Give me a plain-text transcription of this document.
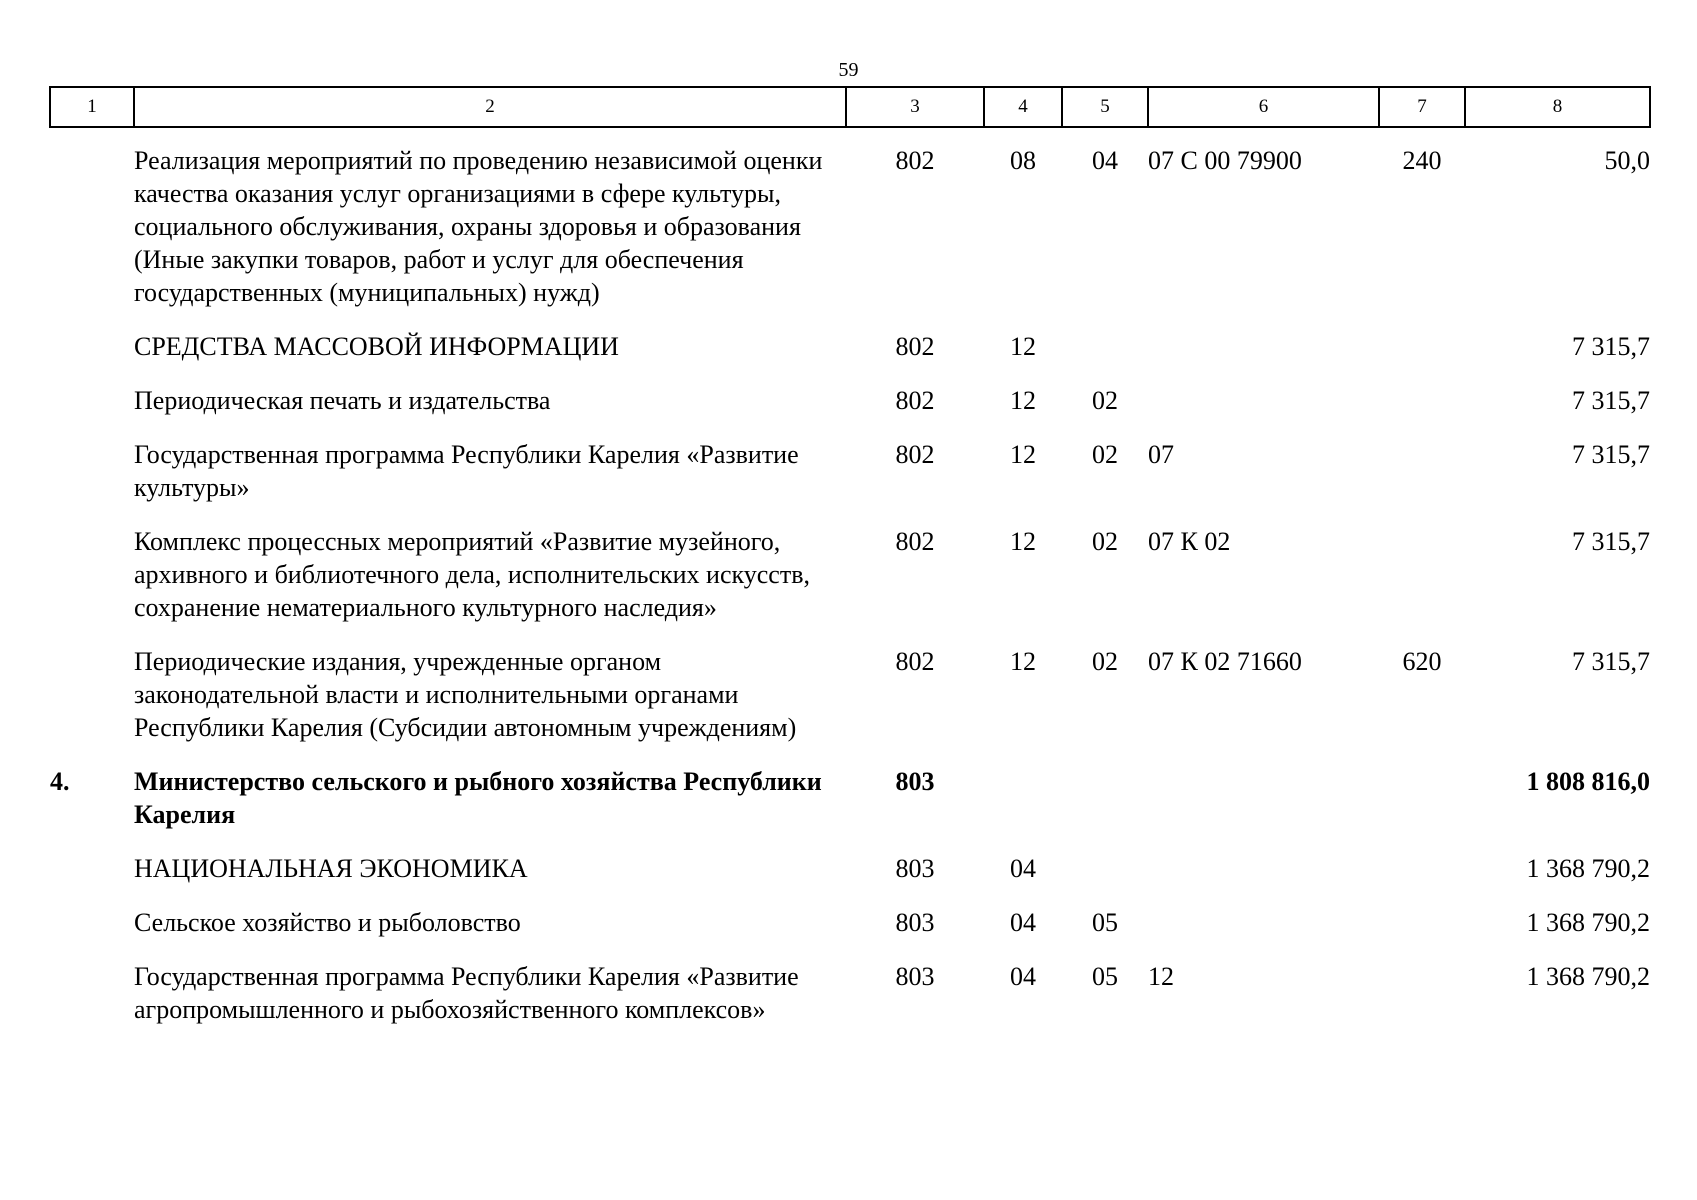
59
1	2	3	4	5	6	7	8
	Реализация мероприятий по проведению независимой оценки качества оказания услуг организациями в сфере культуры, социального обслуживания, охраны здоровья и образования (Иные закупки товаров, работ и услуг для обеспечения государственных (муниципальных) нужд)	802	08	04	07 С 00 79900	240	50,0
	СРЕДСТВА МАССОВОЙ ИНФОРМАЦИИ	802	12				7 315,7
	Периодическая печать и издательства	802	12	02			7 315,7
	Государственная программа Республики Карелия «Развитие культуры»	802	12	02	07		7 315,7
	Комплекс процессных мероприятий «Развитие музейного, архивного и библиотечного дела, исполнительских искусств, сохранение нематериального культурного наследия»	802	12	02	07 К 02		7 315,7
	Периодические издания, учрежденные органом законодательной власти и исполнительными органами Республики Карелия (Субсидии автономным учреждениям)	802	12	02	07 К 02 71660	620	7 315,7
4.	Министерство сельского и рыбного хозяйства Республики Карелия	803					1 808 816,0
	НАЦИОНАЛЬНАЯ ЭКОНОМИКА	803	04				1 368 790,2
	Сельское хозяйство и рыболовство	803	04	05			1 368 790,2
	Государственная программа Республики Карелия «Развитие агропромышленного и рыбохозяйственного комплексов»	803	04	05	12		1 368 790,2
